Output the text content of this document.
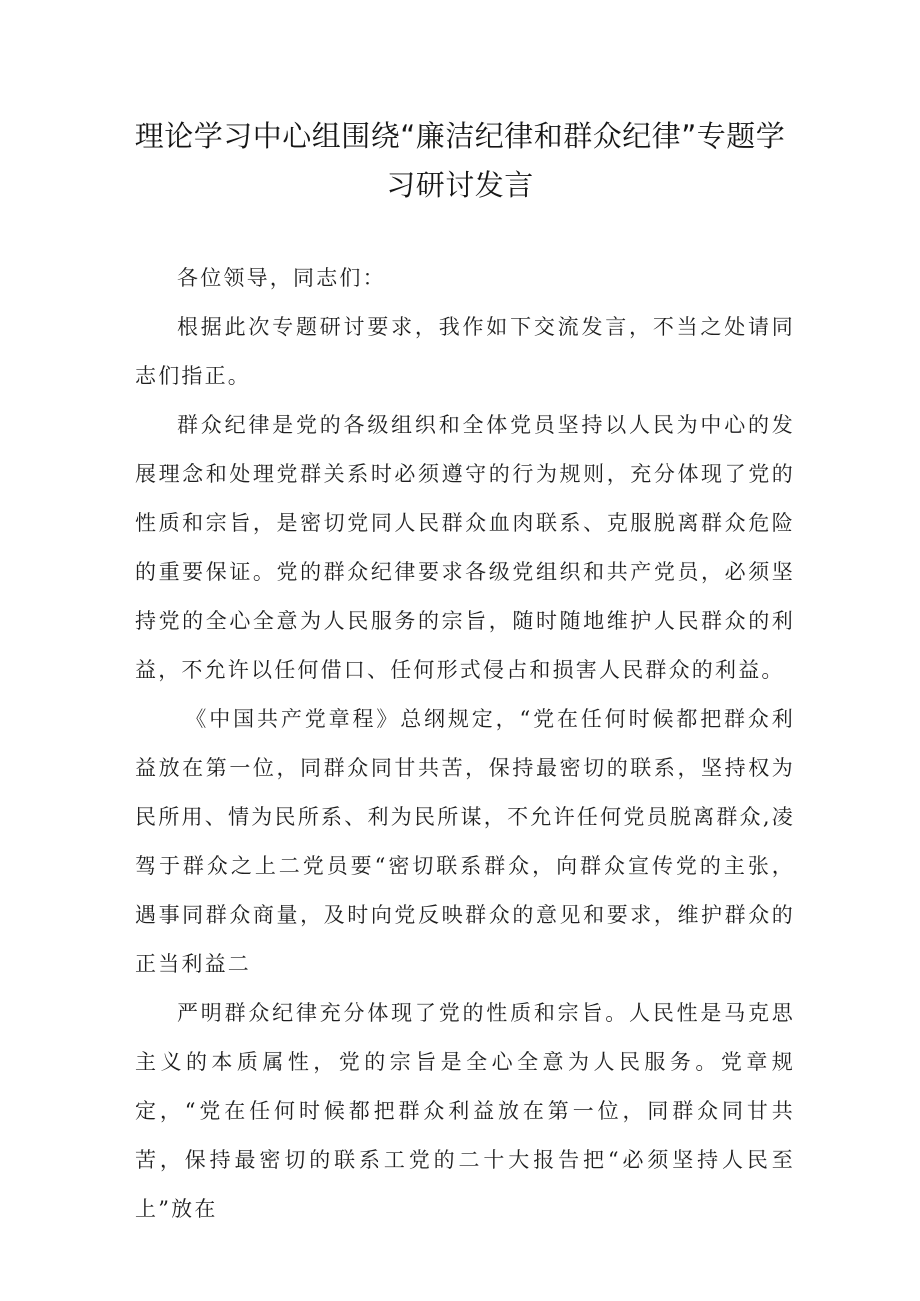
理论学习中心组围绕“廉洁纪律和群众纪律”专题学习研讨发言

各位领导，同志们：

根据此次专题研讨要求，我作如下交流发言，不当之处请同志们指正。

群众纪律是党的各级组织和全体党员坚持以人民为中心的发展理念和处理党群关系时必须遵守的行为规则，充分体现了党的性质和宗旨，是密切党同人民群众血肉联系、克服脱离群众危险的重要保证。党的群众纪律要求各级党组织和共产党员，必须坚持党的全心全意为人民服务的宗旨，随时随地维护人民群众的利益，不允许以任何借口、任何形式侵占和损害人民群众的利益。

《中国共产党章程》总纲规定，“党在任何时候都把群众利益放在第一位，同群众同甘共苦，保持最密切的联系，坚持权为民所用、情为民所系、利为民所谋，不允许任何党员脱离群众,凌驾于群众之上二党员要“密切联系群众，向群众宣传党的主张，遇事同群众商量，及时向党反映群众的意见和要求，维护群众的正当利益二

严明群众纪律充分体现了党的性质和宗旨。人民性是马克思主义的本质属性，党的宗旨是全心全意为人民服务。党章规定，“党在任何时候都把群众利益放在第一位，同群众同甘共苦，保持最密切的联系工党的二十大报告把“必须坚持人民至上”放在
